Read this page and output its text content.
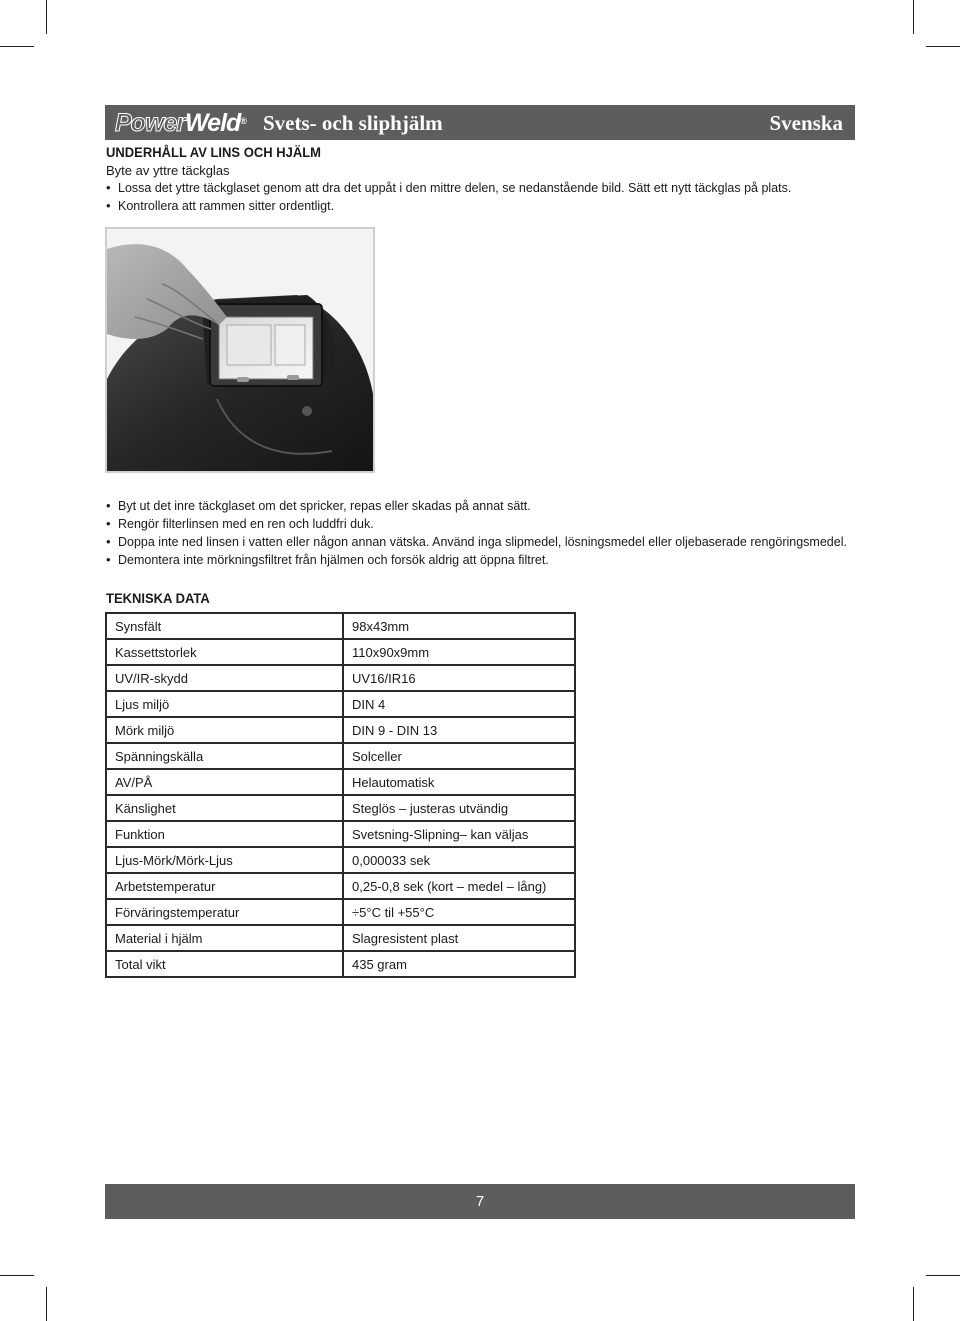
PowerWeld® Svets- och sliphjälm	Svenska
UNDERHÅLL AV LINS OCH HJÄLM
Byte av yttre täckglas
• Lossa det yttre täckglaset genom att dra det uppåt i den mittre delen, se nedanstående bild. Sätt ett nytt täckglas på plats.
• Kontrollera att rammen sitter ordentligt.
• Byt ut det inre täckglaset om det spricker, repas eller skadas på annat sätt.
• Rengör filterlinsen med en ren och luddfri duk.
• Doppa inte ned linsen i vatten eller någon annan vätska. Använd inga slipmedel, lösningsmedel eller oljebaserade rengöringsmedel.
• Demontera inte mörkningsfiltret från hjälmen och forsök aldrig att öppna filtret.
TEKNISKA DATA
Synsfält	98x43mm
Kassettstorlek	110x90x9mm
UV/IR-skydd	UV16/IR16
Ljus miljö	DIN 4
Mörk miljö	DIN 9 - DIN 13
Spänningskälla	Solceller
AV/PÅ	Helautomatisk
Känslighet	Steglös – justeras utvändig
Funktion	Svetsning-Slipning– kan väljas
Ljus-Mörk/Mörk-Ljus	0,000033 sek
Arbetstemperatur	0,25-0,8 sek (kort – medel – lång)
Förväringstemperatur	÷5°C til +55°C
Material i hjälm	Slagresistent plast
Total vikt	435 gram
7
